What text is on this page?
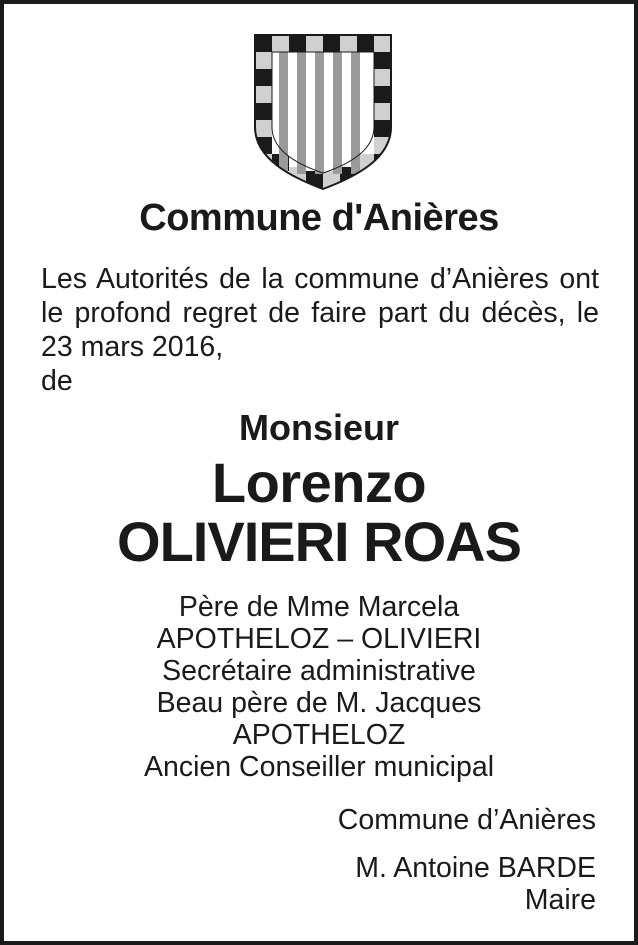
Commune d'Anières
Les Autorités de la commune d’Anières ont le profond regret de faire part du décès, le 23 mars 2016,
de
Monsieur
Lorenzo
OLIVIERI ROAS
Père de Mme Marcela
APOTHELOZ – OLIVIERI
Secrétaire administrative
Beau père de M. Jacques
APOTHELOZ
Ancien Conseiller municipal
Commune d’Anières
M. Antoine BARDE
Maire
